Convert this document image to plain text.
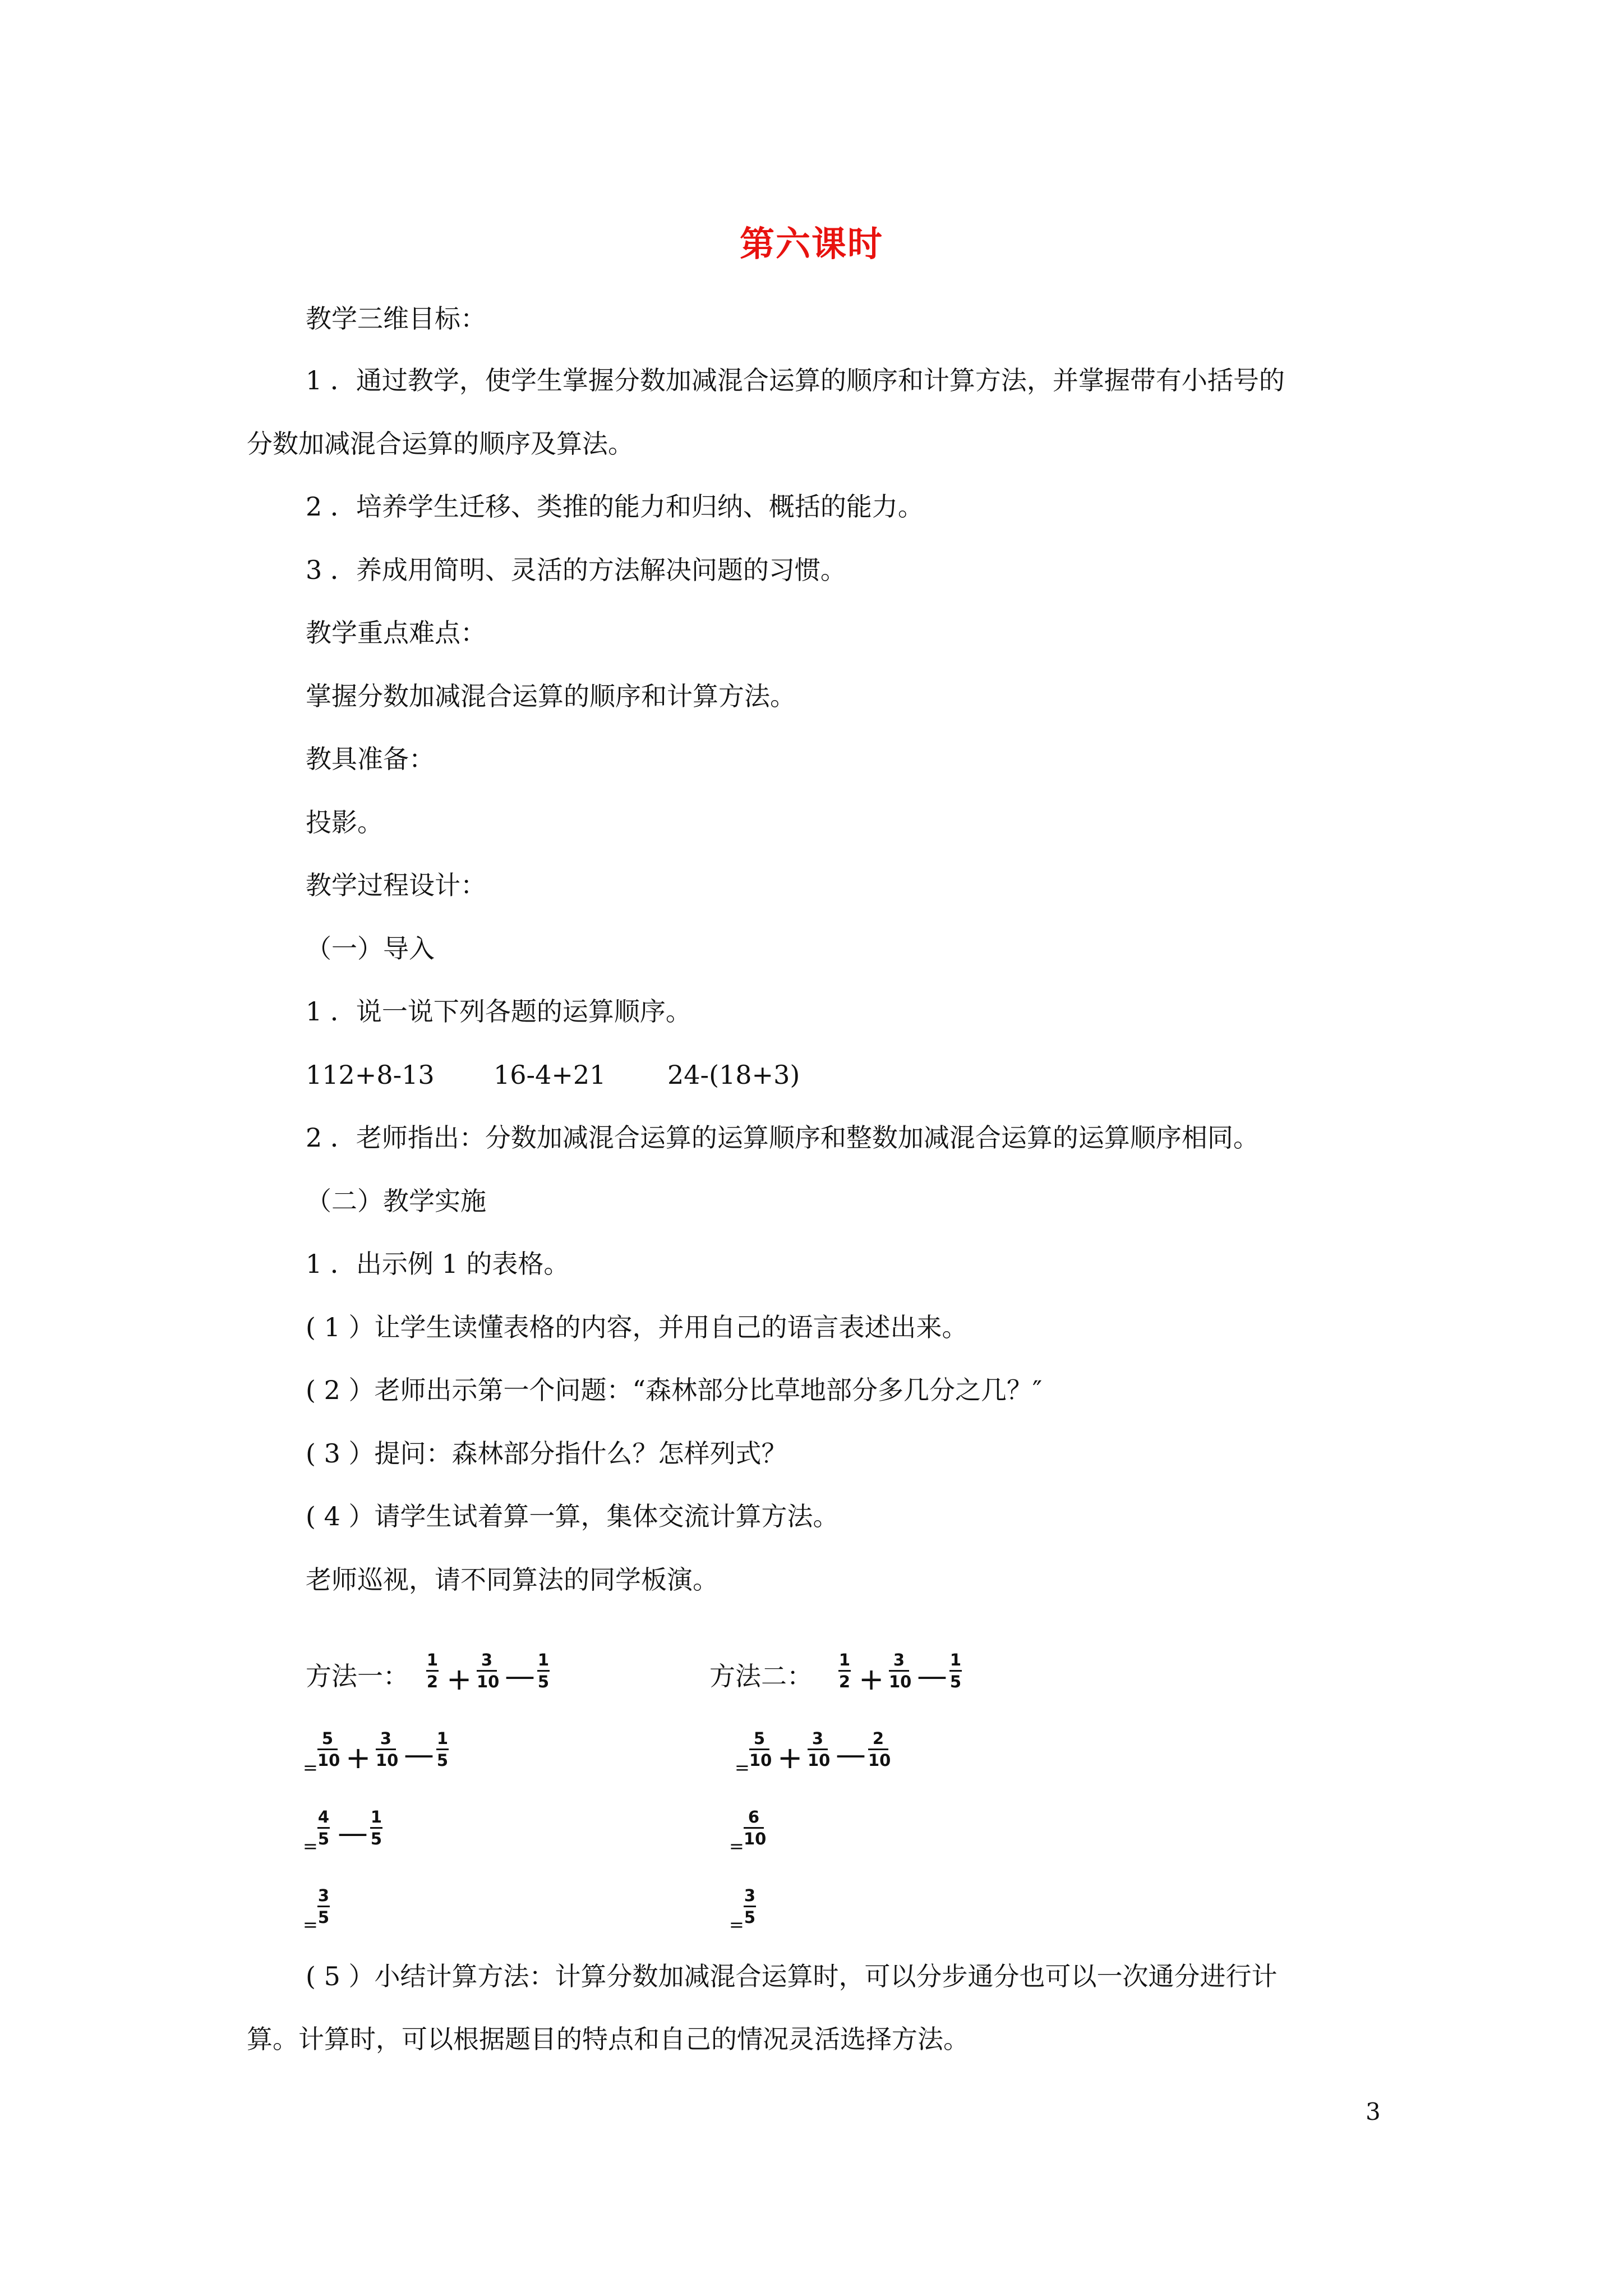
第六课时
教学三维目标：
1 ．通过教学，使学生掌握分数加减混合运算的顺序和计算方法，并掌握带有小括号的
分数加减混合运算的顺序及算法。
2 ．培养学生迁移、类推的能力和归纳、概括的能力。
3 ．养成用简明、灵活的方法解决问题的习惯。
教学重点难点：
掌握分数加减混合运算的顺序和计算方法。
教具准备：
投影。
教学过程设计：
（一）导入
1 ．说一说下列各题的运算顺序。
112+8-13 16-4+21 24-(18+3)
2 ．老师指出：分数加减混合运算的运算顺序和整数加减混合运算的运算顺序相同。
（二）教学实施
1 ．出示例 1 的表格。
( 1 ）让学生读懂表格的内容，并用自己的语言表述出来。
( 2 ）老师出示第一个问题：“森林部分比草地部分多几分之几？″
( 3 ）提问：森林部分指什么？怎样列式？
( 4 ）请学生试着算一算，集体交流计算方法。
老师巡视，请不同算法的同学板演。
方法一：	方法二：
1
2 +
3
10 — 1
5
=
5
10 +
3
10 — 1
5
=
4
5 — 1
5
=
3
5
1
2 +
3
10 — 1
5
=
5
10 +
3
10 — 2
10
=
6
10
=
3
5
( 5 ）小结计算方法：计算分数加减混合运算时，可以分步通分也可以一次通分进行计
算。计算时，可以根据题目的特点和自己的情况灵活选择方法。
3
